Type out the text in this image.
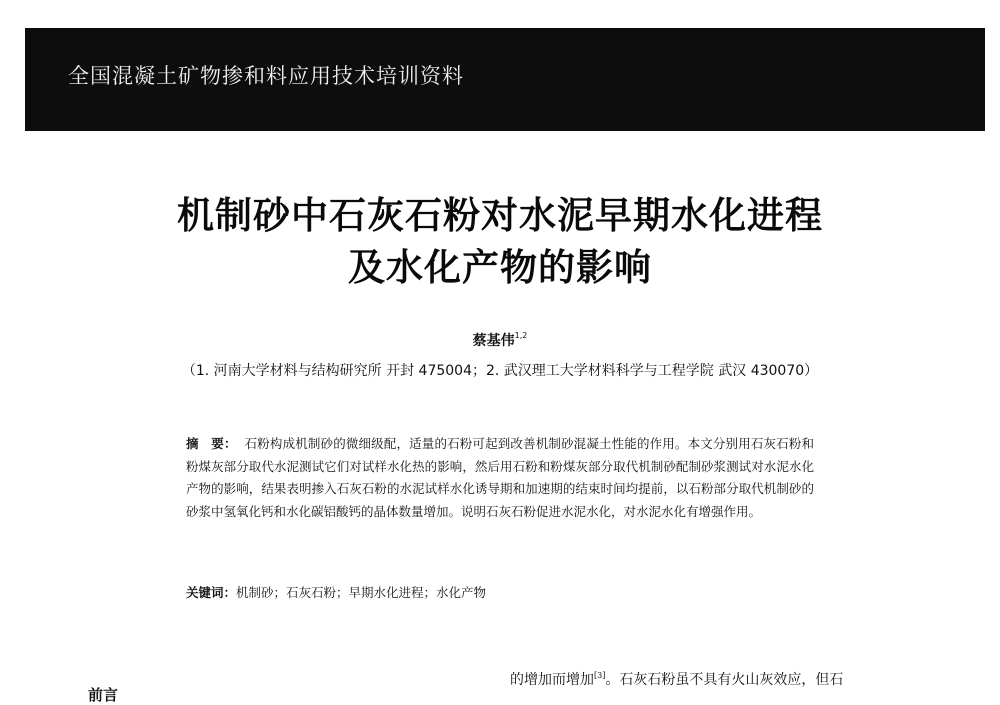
全国混凝土矿物掺和料应用技术培训资料
机制砂中石灰石粉对水泥早期水化进程
及水化产物的影响
蔡基伟$^{1,2}$
（1. 河南大学材料与结构研究所 开封 475004；2. 武汉理工大学材料科学与工程学院 武汉 430070）
摘　要： 石粉构成机制砂的微细级配，适量的石粉可起到改善机制砂混凝土性能的作用。本文分别用石灰石粉和粉煤灰部分取代水泥测试它们对试样水化热的影响，然后用石粉和粉煤灰部分取代机制砂配制砂浆测试对水泥水化产物的影响，结果表明掺入石灰石粉的水泥试样水化诱导期和加速期的结束时间均提前，以石粉部分取代机制砂的砂浆中氢氧化钙和水化碳铝酸钙的晶体数量增加。说明石灰石粉促进水泥水化，对水泥水化有增强作用。
关键词：机制砂；石灰石粉；早期水化进程；水化产物
的增加而增加[3]。石灰石粉虽不具有火山灰效应，但石
前言
